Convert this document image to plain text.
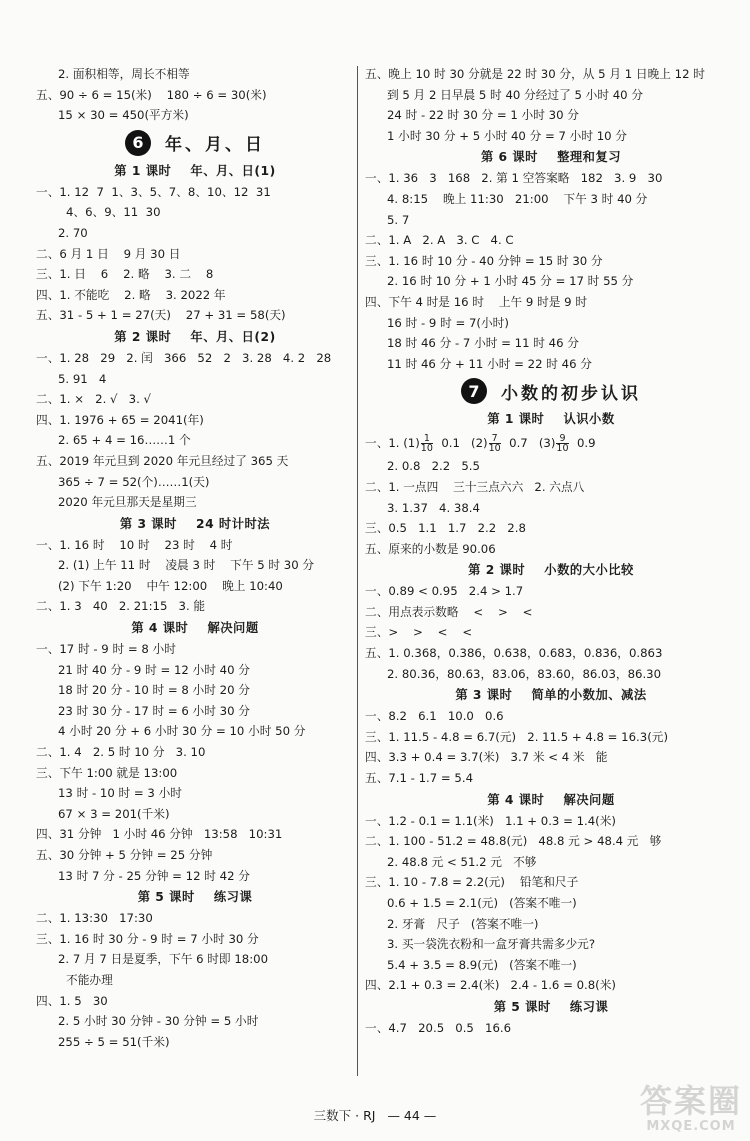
2. 面积相等，周长不相等
五、90 ÷ 6 = 15(米)    180 ÷ 6 = 30(米)
15 × 30 = 450(平方米)
6	年、月、日
第 1 课时    年、月、日(1)
一、1. 12  7  1、3、5、7、8、10、12  31
4、6、9、11  30
2. 70
二、6 月 1 日    9 月 30 日
三、1. 日    6    2. 略    3. 二    8
四、1. 不能吃    2. 略    3. 2022 年
五、31 - 5 + 1 = 27(天)    27 + 31 = 58(天)
第 2 课时    年、月、日(2)
一、1. 28   29   2. 闰   366   52   2   3. 28   4. 2   28
5. 91   4
二、1. ×   2. √   3. √
四、1. 1976 + 65 = 2041(年)
2. 65 + 4 = 16……1 个
五、2019 年元旦到 2020 年元旦经过了 365 天
365 ÷ 7 = 52(个)……1(天)
2020 年元旦那天是星期三
第 3 课时    24 时计时法
一、1. 16 时    10 时    23 时    4 时
2. (1) 上午 11 时    凌晨 3 时    下午 5 时 30 分
(2) 下午 1:20    中午 12:00    晚上 10:40
二、1. 3   40   2. 21:15   3. 能
第 4 课时    解决问题
一、17 时 - 9 时 = 8 小时
21 时 40 分 - 9 时 = 12 小时 40 分
18 时 20 分 - 10 时 = 8 小时 20 分
23 时 30 分 - 17 时 = 6 小时 30 分
4 小时 20 分 + 6 小时 30 分 = 10 小时 50 分
二、1. 4   2. 5 时 10 分   3. 10
三、下午 1:00 就是 13:00
13 时 - 10 时 = 3 小时
67 × 3 = 201(千米)
四、31 分钟   1 小时 46 分钟   13:58   10:31
五、30 分钟 + 5 分钟 = 25 分钟
13 时 7 分 - 25 分钟 = 12 时 42 分
第 5 课时    练习课
二、1. 13:30   17:30
三、1. 16 时 30 分 - 9 时 = 7 小时 30 分
2. 7 月 7 日是夏季，下午 6 时即 18:00
不能办理
四、1. 5   30
2. 5 小时 30 分钟 - 30 分钟 = 5 小时
255 ÷ 5 = 51(千米)
五、晚上 10 时 30 分就是 22 时 30 分，从 5 月 1 日晚上 12 时
到 5 月 2 日早晨 5 时 40 分经过了 5 小时 40 分
24 时 - 22 时 30 分 = 1 小时 30 分
1 小时 30 分 + 5 小时 40 分 = 7 小时 10 分
第 6 课时    整理和复习
一、1. 36   3   168   2. 第 1 空答案略   182   3. 9   30
4. 8:15    晚上 11:30   21:00    下午 3 时 40 分
5. 7
二、1. A   2. A   3. C   4. C
三、1. 16 时 10 分 - 40 分钟 = 15 时 30 分
2. 16 时 10 分 + 1 小时 45 分 = 17 时 55 分
四、下午 4 时是 16 时    上午 9 时是 9 时
16 时 - 9 时 = 7(小时)
18 时 46 分 - 7 小时 = 11 时 46 分
11 时 46 分 + 11 小时 = 22 时 46 分
7	小数的初步认识
第 1 课时    认识小数
一、1. $(1) \frac{1}{10} 0.1$   $(2) \frac{7}{10} 0.7$   $(3) \frac{9}{10} 0.9$
2. 0.8   2.2   5.5
二、1. 一点四    三十三点六六   2. 六点八
3. 1.37   4. 38.4
三、0.5   1.1   1.7   2.2   2.8
五、原来的小数是 90.06
第 2 课时    小数的大小比较
一、0.89 < 0.95   2.4 > 1.7
二、用点表示数略    <    >    <
三、>    >    <    <
五、1. 0.368，0.386，0.638，0.683，0.836，0.863
2. 80.36，80.63，83.06，83.60，86.03，86.30
第 3 课时    简单的小数加、减法
一、8.2   6.1   10.0   0.6
三、1. 11.5 - 4.8 = 6.7(元)   2. 11.5 + 4.8 = 16.3(元)
四、3.3 + 0.4 = 3.7(米)   3.7 米 < 4 米   能
五、7.1 - 1.7 = 5.4
第 4 课时    解决问题
一、1.2 - 0.1 = 1.1(米)   1.1 + 0.3 = 1.4(米)
二、1. 100 - 51.2 = 48.8(元)   48.8 元 > 48.4 元   够
2. 48.8 元 < 51.2 元   不够
三、1. 10 - 7.8 = 2.2(元)    铅笔和尺子
0.6 + 1.5 = 2.1(元)   (答案不唯一)
2. 牙膏   尺子   (答案不唯一)
3. 买一袋洗衣粉和一盒牙膏共需多少元?
5.4 + 3.5 = 8.9(元)   (答案不唯一)
四、2.1 + 0.3 = 2.4(米)   2.4 - 1.6 = 0.8(米)
第 5 课时    练习课
一、4.7   20.5   0.5   16.6
三数下 · RJ — 44 —	答案圈
MXQE.COM
